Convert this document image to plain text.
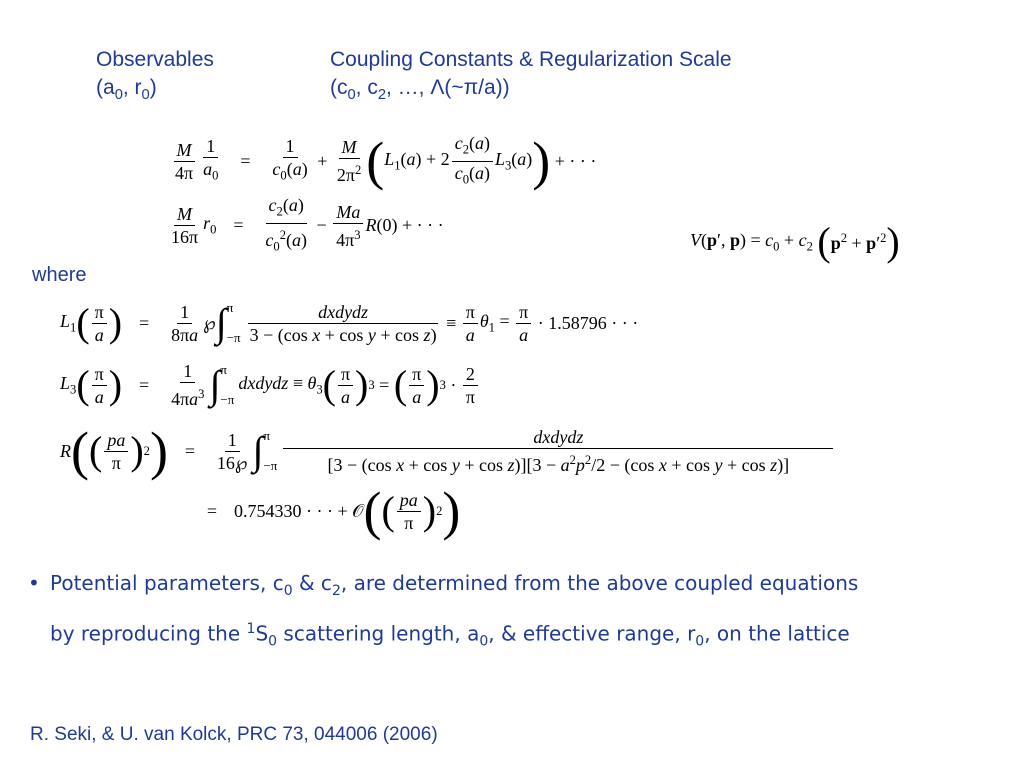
Observables
($a_0$, $r_0$)
Coupling Constants & Regularization Scale
($c_0$, $c_2$, …, Λ(~π/a))
$\frac{M}{4\pi} \frac{1}{a_0}$	=	$\frac{1}{c_0(a)} + \frac{M}{2\pi^2}$ ( $L_1(a) + 2 \frac{c_2(a)}{c_0(a)} L_3(a)$ ) + · · ·
$\frac{M}{16\pi} r_0$ =	$\frac{c_2(a)}{c_0^2(a)} - \frac{Ma}{4\pi^3} R(0)$ + · · ·
V(p′, $p) = c_0 + c_2$ ( $p^2 + p'^2$ )
where
$L_1$ ( $\frac{\pi}{a}$ ) =	$\frac{1}{8\pi a}$ ℘ ∫ π
$-\pi \frac{\text{dxdydz}}{\text{3 − (cos x + cos y + cos z)}} \equiv \frac{\pi}{a} \theta_1 = \frac{\pi}{a} \cdot 1.58796$ · · ·
$L_3$ ( $\frac{\pi}{a}$ ) =	$\frac{1}{4\pi a^3}$ ∫ π
−π
dxdydz ≡ $\theta_3$ ( $\frac{\pi}{a}$ ) 3 = ( $\frac{\pi}{a}$ ) $3 \cdot \frac{2}{\pi}$
R ( ( $\frac{pa}{\pi}$ ) 2 ) =	$\frac{1}{16℘}$ ∫ π
−π
dxdydz
[3 − (cos $x + \cos y + \cos z)][3 - a^2p^2/2 - (\cos$ x + cos y + cos z)]
= 0.754330 · · · + 𝒪 ( ( $\frac{pa}{\pi}$ ) 2 )
• Potential parameters, $c_0$ & $c_2$, are determined from the above coupled equations
by reproducing the $^1S_0$ scattering length, $a_0$, & effective range, $r_0$, on the lattice
R. Seki, & U. van Kolck, PRC 73, 044006 (2006)
